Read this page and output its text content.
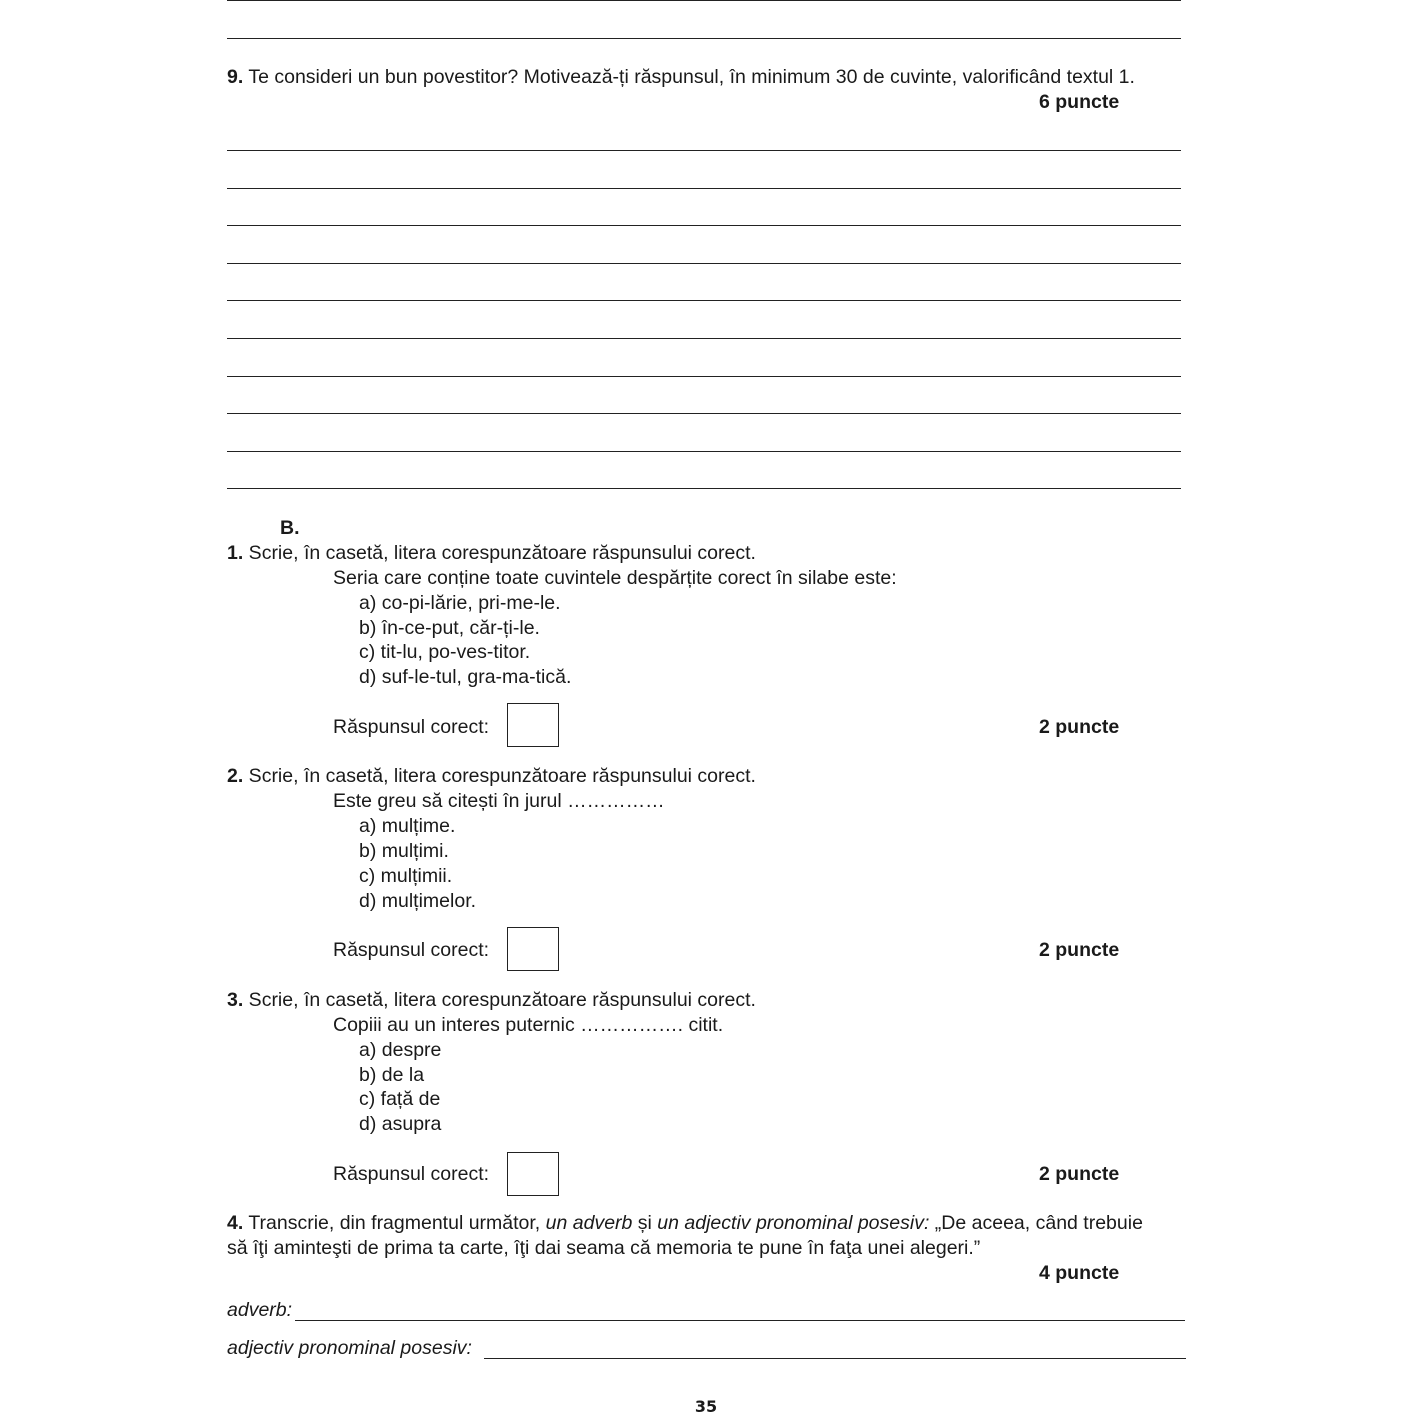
9. Te consideri un bun povestitor? Motivează-ți răspunsul, în minimum 30 de cuvinte, valorificând textul 1.
6 puncte
B.
1. Scrie, în casetă, litera corespunzătoare răspunsului corect.
Seria care conține toate cuvintele despărțite corect în silabe este:
a) co-pi-lărie, pri-me-le.
b) în-ce-put, căr-ți-le.
c) tit-lu, po-ves-titor.
d) suf-le-tul, gra-ma-tică.
Răspunsul corect:	2 puncte
2. Scrie, în casetă, litera corespunzătoare răspunsului corect.
Este greu să citești în jurul ……………
a) mulțime.
b) mulțimi.
c) mulțimii.
d) mulțimelor.
Răspunsul corect:	2 puncte
3. Scrie, în casetă, litera corespunzătoare răspunsului corect.
Copiii au un interes puternic ……………. citit.
a) despre
b) de la
c) față de
d) asupra
Răspunsul corect:	2 puncte
4. Transcrie, din fragmentul următor, un adverb și un adjectiv pronominal posesiv: „De aceea, când trebuie
să îţi aminteşti de prima ta carte, îţi dai seama că memoria te pune în faţa unei alegeri.”
4 puncte
adverb:
adjectiv pronominal posesiv:
35
